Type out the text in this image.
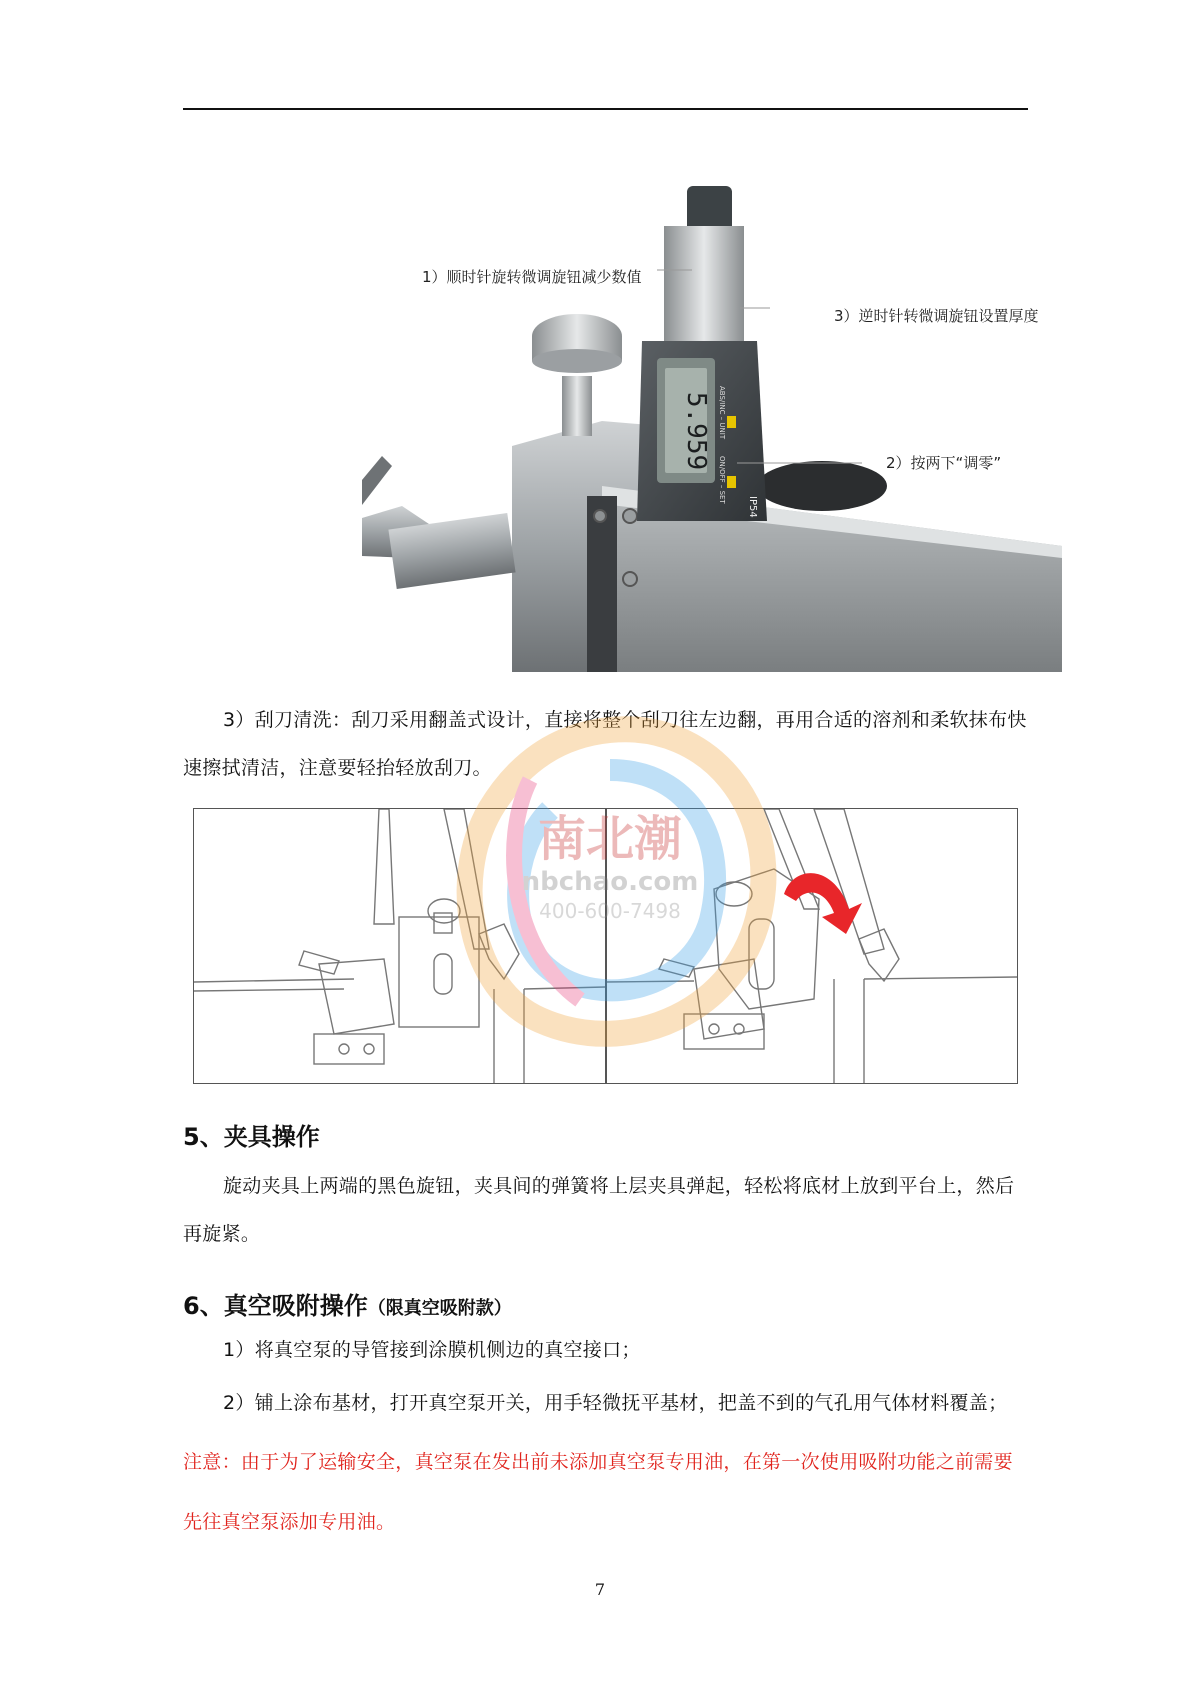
5.959 ABS/INC – UNIT
ON/OFF – SET
IP54
1）顺时针旋转微调旋钮减少数值
3）逆时针转微调旋钮设置厚度
2）按两下“调零”
3）刮刀清洗：刮刀采用翻盖式设计，直接将整个刮刀往左边翻，再用合适的溶剂和柔软抹布快速擦拭清洁，注意要轻抬轻放刮刀。
南北潮
nbchao.com
400-600-7498
5、夹具操作
旋动夹具上两端的黑色旋钮，夹具间的弹簧将上层夹具弹起，轻松将底材上放到平台上，然后再旋紧。
6、真空吸附操作（限真空吸附款）
1）将真空泵的导管接到涂膜机侧边的真空接口；
2）铺上涂布基材，打开真空泵开关，用手轻微抚平基材，把盖不到的气孔用气体材料覆盖；
注意：由于为了运输安全，真空泵在发出前未添加真空泵专用油，在第一次使用吸附功能之前需要先往真空泵添加专用油。
7
